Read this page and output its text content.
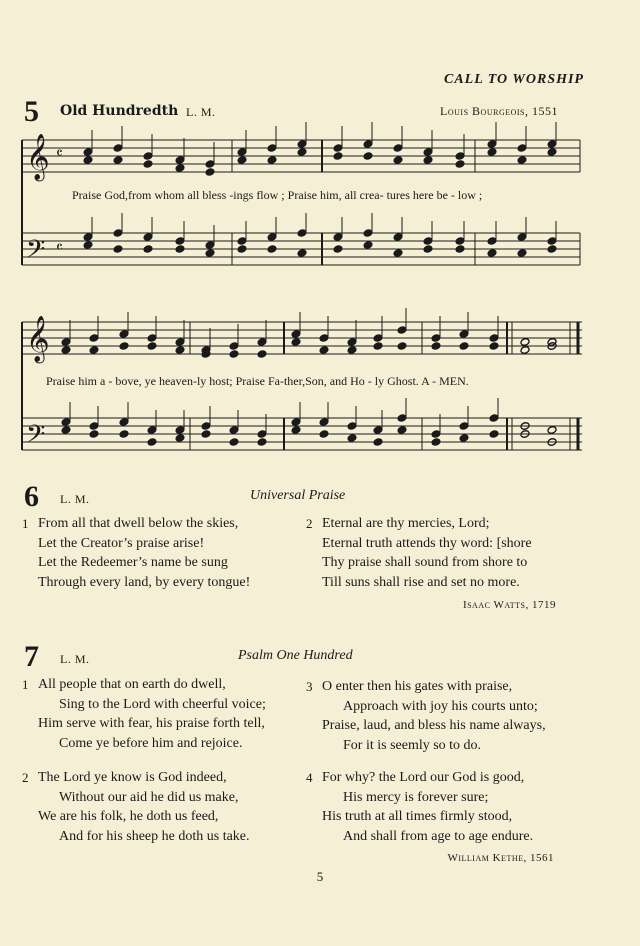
CALL TO WORSHIP
5 Old Hundredth L. M.	Louis Bourgeois, 1551
𝄞
𝄢
𝄞
𝄢
𝄴
𝄴
Praise God,from whom all bless -ings flow ; Praise him, all crea- tures here be - low ;
Praise him a - bove, ye heaven-ly host; Praise Fa-ther,Son, and Ho - ly Ghost. A - MEN.
6 L. M.	Universal Praise
1 From all that dwell below the skies,
Let the Creator’s praise arise!
Let the Redeemer’s name be sung
Through every land, by every tongue!
2 Eternal are thy mercies, Lord;
Eternal truth attends thy word: [shore
Thy praise shall sound from shore to
Till suns shall rise and set no more.
Isaac Watts, 1719
7 L. M.	Psalm One Hundred
1 All people that on earth do dwell,
Sing to the Lord with cheerful voice;
Him serve with fear, his praise forth tell,
Come ye before him and rejoice.
3 O enter then his gates with praise,
Approach with joy his courts unto;
Praise, laud, and bless his name always,
For it is seemly so to do.
2 The Lord ye know is God indeed,
Without our aid he did us make,
We are his folk, he doth us feed,
And for his sheep he doth us take.
4 For why? the Lord our God is good,
His mercy is forever sure;
His truth at all times firmly stood,
And shall from age to age endure.
William Kethe, 1561
5
